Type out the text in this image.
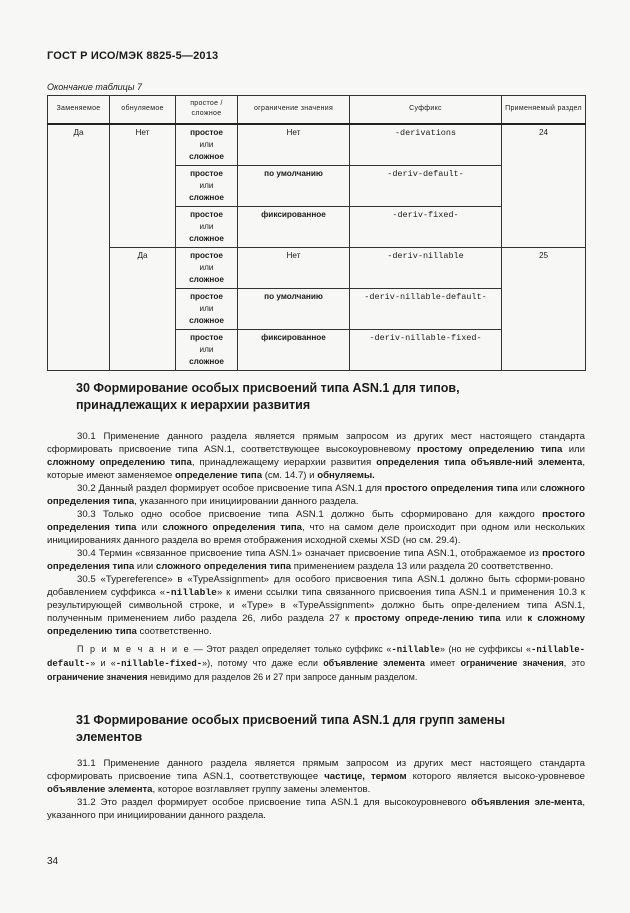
ГОСТ Р ИСО/МЭК 8825-5—2013
Окончание таблицы 7
Заменяемое	обнуляемое	простое / сложное	ограничение значения	Суффикс	Применяемый раздел
Да	Нет	простое
или
сложное	Нет	-derivations	24

		простое
или
сложное	по умолчанию	-deriv-default-	

		простое
или
сложное	фиксированное	-deriv-fixed-	
	Да	простое
или
сложное	Нет	-deriv-nillable	25

		простое
или
сложное	по умолчанию	-deriv-nillable-default-	

		простое
или
сложное	фиксированное	-deriv-nillable-fixed-	
30 Формирование особых присвоений типа ASN.1 для типов,
принадлежащих к иерархии развития

30.1 Применение данного раздела является прямым запросом из других мест настоящего стандарта сформировать присвоение типа ASN.1, соответствующее высокоуровневому простому определению типа или сложному определению типа, принадлежащему иерархии развития определения типа объявле-ний элемента, которые имеют заменяемое определение типа (см. 14.7) и обнуляемы.

30.2 Данный раздел формирует особое присвоение типа ASN.1 для простого определения типа или сложного определения типа, указанного при инициировании данного раздела.

30.3 Только одно особое присвоение типа ASN.1 должно быть сформировано для каждого простого определения типа или сложного определения типа, что на самом деле происходит при одном или нескольких инициированиях данного раздела во время отображения исходной схемы XSD (но см. 29.4).

30.4 Термин «связанное присвоение типа ASN.1» означает присвоение типа ASN.1, отображаемое из простого определения типа или сложного определения типа применением раздела 13 или раздела 20 соответственно.

30.5 «Typereference» в «TypeAssignment» для особого присвоения типа ASN.1 должно быть сформи-ровано добавлением суффикса «-nillable» к имени ссылки типа связанного присвоения типа ASN.1 и применения 10.3 к результирующей символьной строке, и «Type» в «TypeAssignment» должно быть опре-делением типа ASN.1, полученным применением либо раздела 26, либо раздела 27 к простому опреде-лению типа или к сложному определению типа соответственно.

П р и м е ч а н и е — Этот раздел определяет только суффикс «-nillable» (но не суффиксы «-nillable-default-» и «-nillable-fixed-»), потому что даже если объявление элемента имеет ограничение значения, это ограничение значения невидимо для разделов 26 и 27 при запросе данным разделом.

31 Формирование особых присвоений типа ASN.1 для групп замены
элементов

31.1 Применение данного раздела является прямым запросом из других мест настоящего стандарта сформировать присвоение типа ASN.1, соответствующее частице, термом которого является высоко-уровневое объявление элемента, которое возглавляет группу замены элементов.

31.2 Это раздел формирует особое присвоение типа ASN.1 для высокоуровневого объявления эле-мента, указанного при инициировании данного раздела.

34
